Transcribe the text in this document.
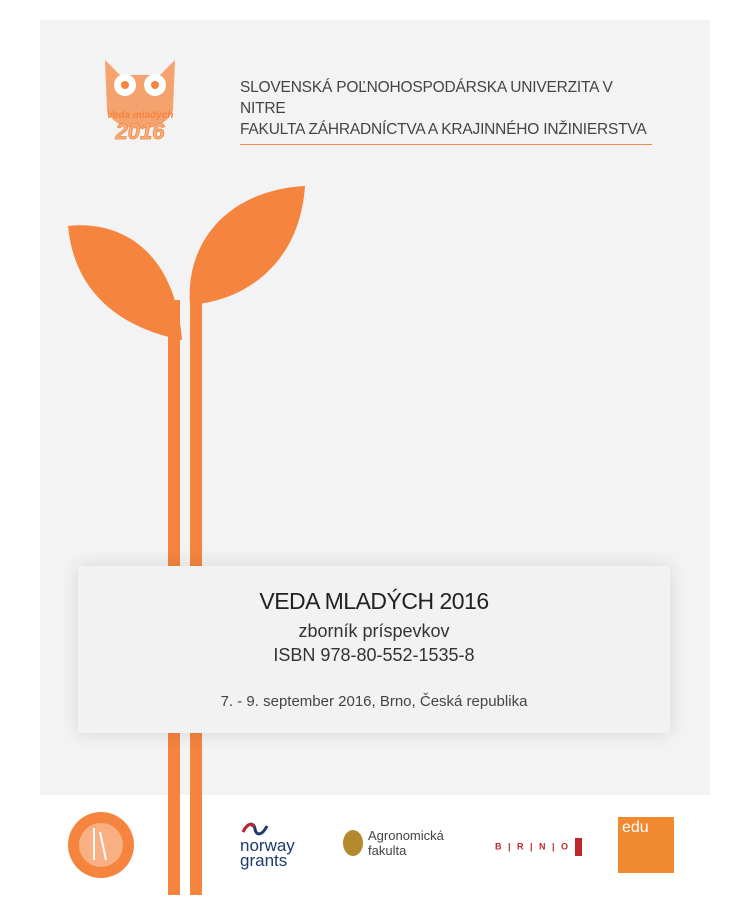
Veda mladých
2016
SLOVENSKÁ POĽNOHOSPODÁRSKA UNIVERZITA V NITRE
FAKULTA ZÁHRADNÍCTVA A KRAJINNÉHO INŽINIERSTVA
VEDA MLADÝCH 2016
zborník príspevkov
ISBN 978-80-552-1535-8
7. - 9. september 2016, Brno, Česká republika
norway
grants
Agronomická
fakulta	B | R | N | O
edu
